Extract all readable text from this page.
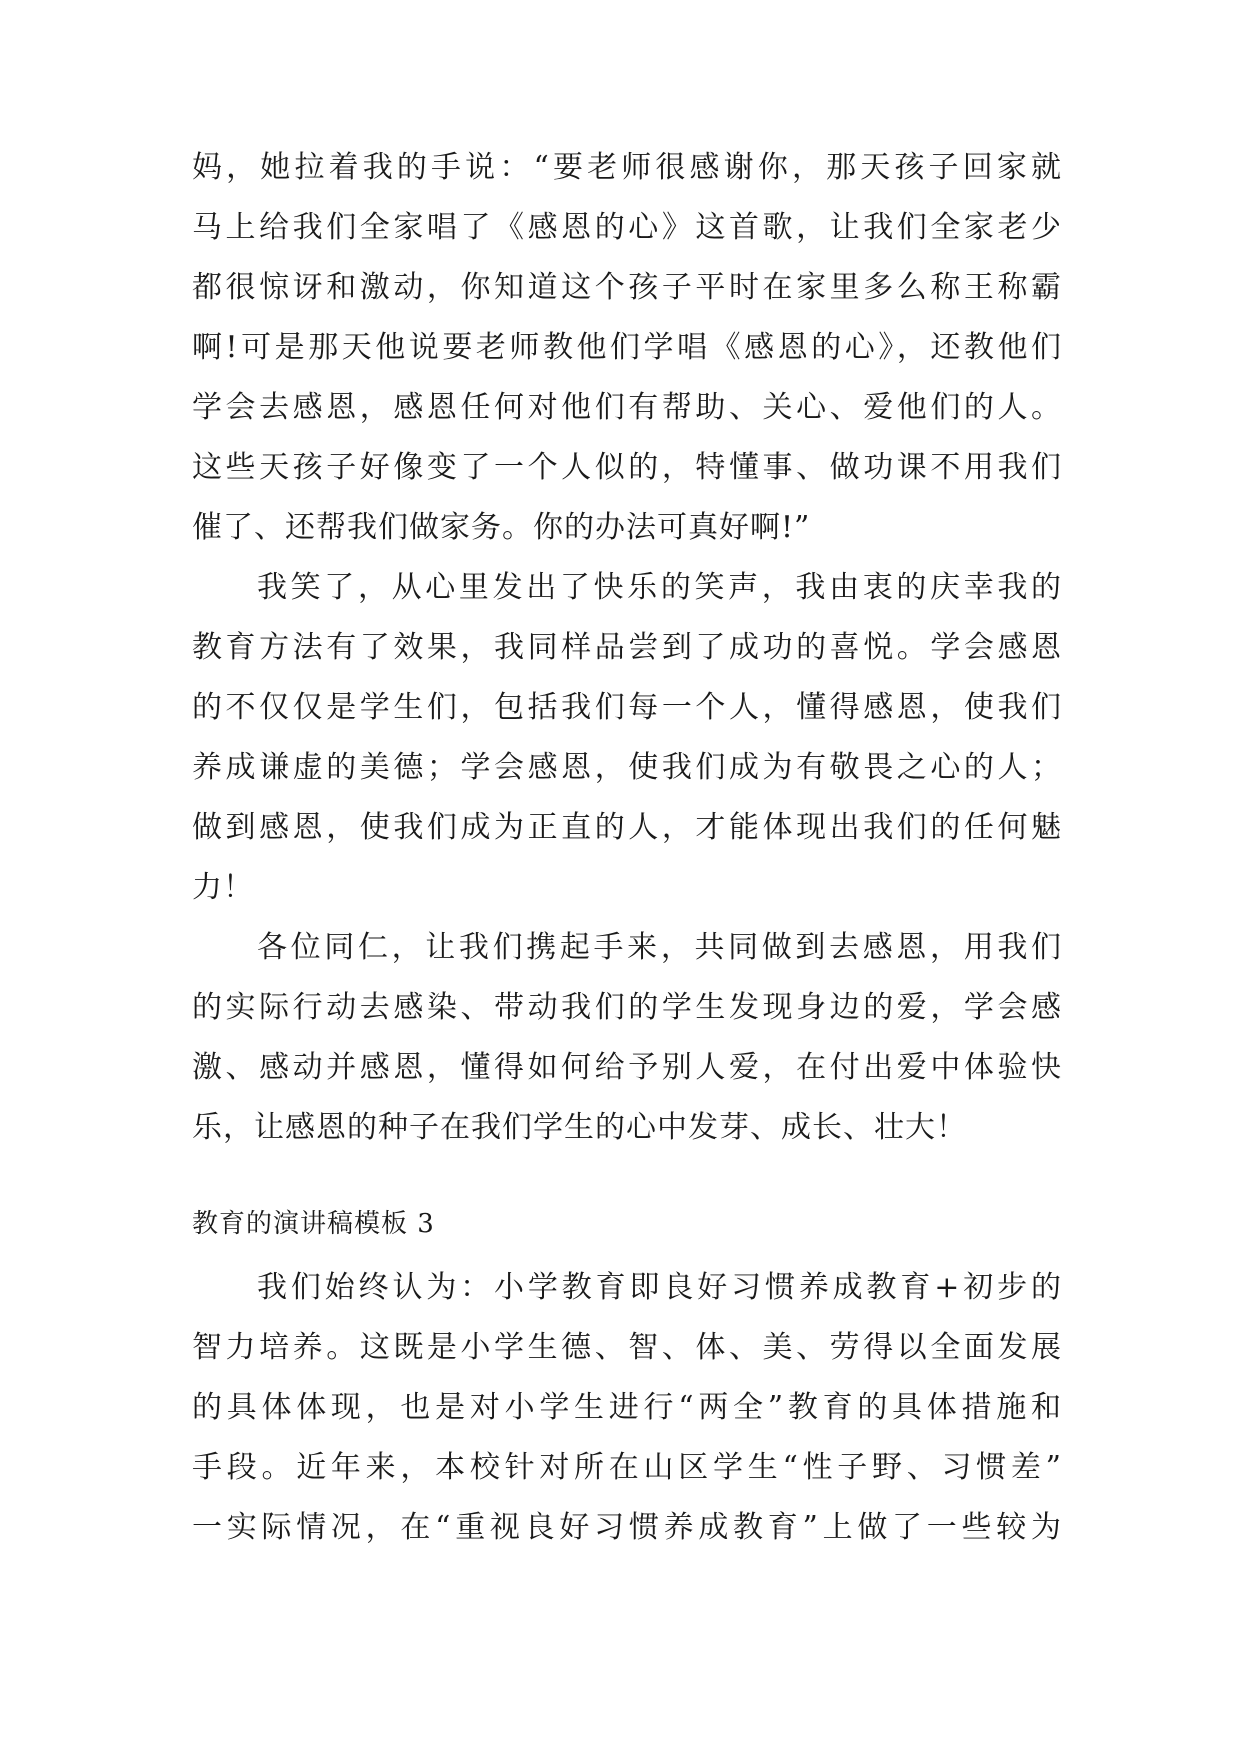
妈，她拉着我的手说：“要老师很感谢你，那天孩子回家就
马上给我们全家唱了《感恩的心》这首歌，让我们全家老少
都很惊讶和激动，你知道这个孩子平时在家里多么称王称霸
啊!可是那天他说要老师教他们学唱《感恩的心》，还教他们
学会去感恩，感恩任何对他们有帮助、关心、爱他们的人。
这些天孩子好像变了一个人似的，特懂事、做功课不用我们
催了、还帮我们做家务。你的办法可真好啊!”
我笑了，从心里发出了快乐的笑声，我由衷的庆幸我的
教育方法有了效果，我同样品尝到了成功的喜悦。学会感恩
的不仅仅是学生们，包括我们每一个人，懂得感恩，使我们
养成谦虚的美德；学会感恩，使我们成为有敬畏之心的人；
做到感恩，使我们成为正直的人，才能体现出我们的任何魅
力！
各位同仁，让我们携起手来，共同做到去感恩，用我们
的实际行动去感染、带动我们的学生发现身边的爱，学会感
激、感动并感恩，懂得如何给予别人爱，在付出爱中体验快
乐，让感恩的种子在我们学生的心中发芽、成长、壮大！
教育的演讲稿模板 3
我们始终认为：小学教育即良好习惯养成教育+初步的
智力培养。这既是小学生德、智、体、美、劳得以全面发展
的具体体现，也是对小学生进行“两全”教育的具体措施和
手段。近年来，本校针对所在山区学生“性子野、习惯差”
一实际情况，在“重视良好习惯养成教育”上做了一些较为
